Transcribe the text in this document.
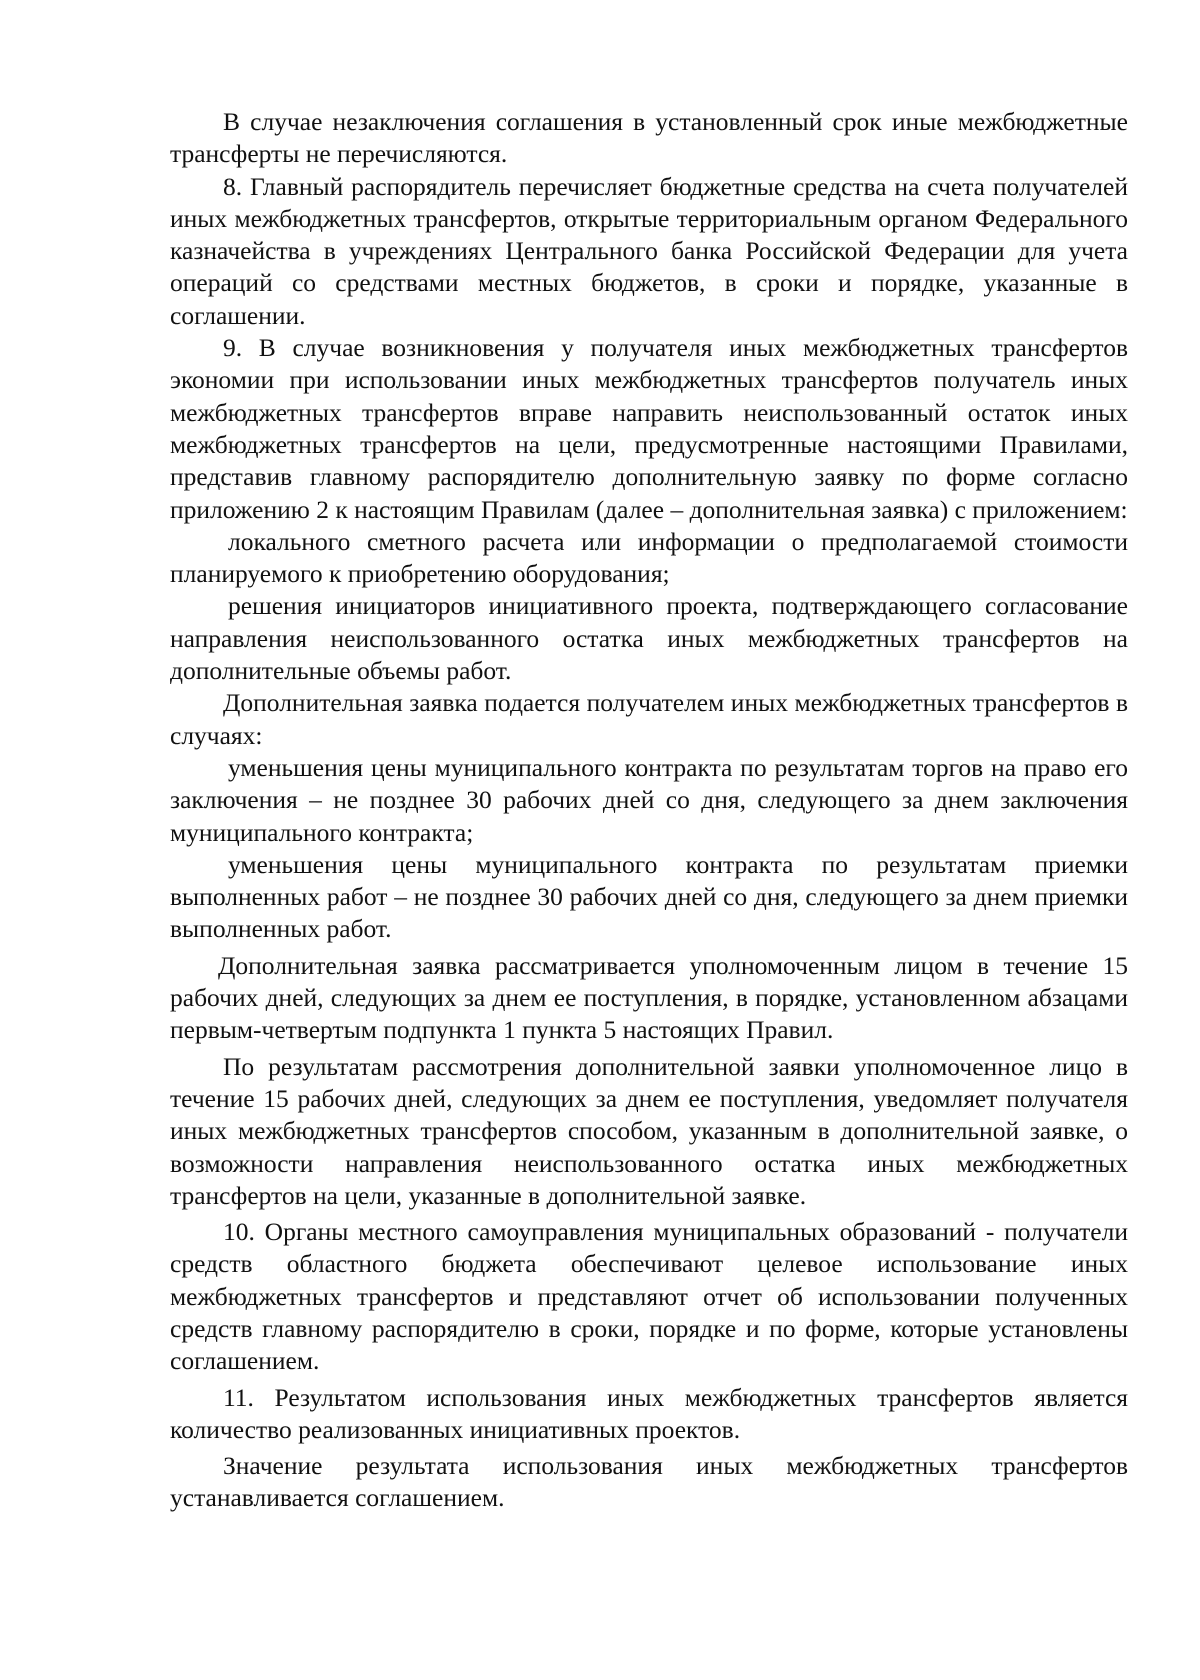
В случае незаключения соглашения в установленный срок иные межбюджетные трансферты не перечисляются.

8. Главный распорядитель перечисляет бюджетные средства на счета получателей иных межбюджетных трансфертов, открытые территориальным органом Федерального казначейства в учреждениях Центрального банка Российской Федерации для учета операций со средствами местных бюджетов, в сроки и порядке, указанные в соглашении.

9. В случае возникновения у получателя иных межбюджетных трансфертов экономии при использовании иных межбюджетных трансфертов получатель иных межбюджетных трансфертов вправе направить неиспользованный остаток иных межбюджетных трансфертов на цели, предусмотренные настоящими Правилами, представив главному распорядителю дополнительную заявку по форме согласно приложению 2 к настоящим Правилам (далее – дополнительная заявка) с приложением:

локального сметного расчета или информации о предполагаемой стоимости планируемого к приобретению оборудования;

решения инициаторов инициативного проекта, подтверждающего согласование направления неиспользованного остатка иных межбюджетных трансфертов на дополнительные объемы работ.

Дополнительная заявка подается получателем иных межбюджетных трансфертов в случаях:

уменьшения цены муниципального контракта по результатам торгов на право его заключения – не позднее 30 рабочих дней со дня, следующего за днем заключения муниципального контракта;

уменьшения цены муниципального контракта по результатам приемки выполненных работ – не позднее 30 рабочих дней со дня, следующего за днем приемки выполненных работ.

Дополнительная заявка рассматривается уполномоченным лицом в течение 15 рабочих дней, следующих за днем ее поступления, в порядке, установленном абзацами первым-четвертым подпункта 1 пункта 5 настоящих Правил.

По результатам рассмотрения дополнительной заявки уполномоченное лицо в течение 15 рабочих дней, следующих за днем ее поступления, уведомляет получателя иных межбюджетных трансфертов способом, указанным в дополнительной заявке, о возможности направления неиспользованного остатка иных межбюджетных трансфертов на цели, указанные в дополнительной заявке.

10. Органы местного самоуправления муниципальных образований - получатели средств областного бюджета обеспечивают целевое использование иных межбюджетных трансфертов и представляют отчет об использовании полученных средств главному распорядителю в сроки, порядке и по форме, которые установлены соглашением.

11. Результатом использования иных межбюджетных трансфертов является количество реализованных инициативных проектов.

Значение результата использования иных межбюджетных трансфертов устанавливается соглашением.
